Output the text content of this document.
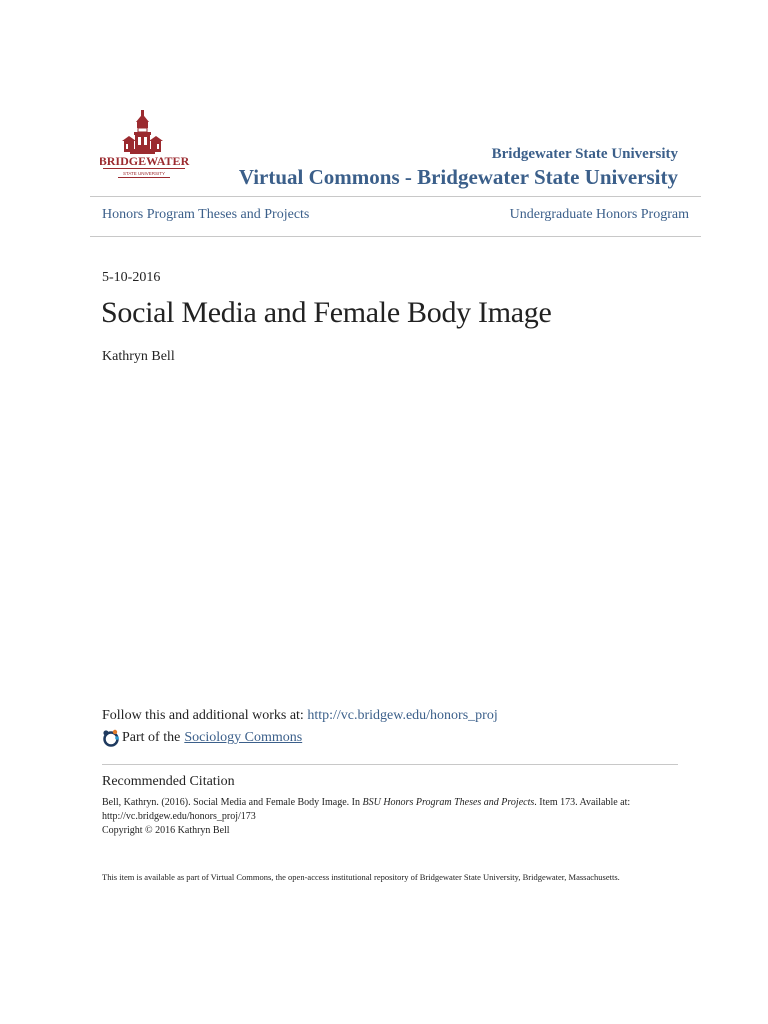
BRIDGEWATER
STATE UNIVERSITY
Bridgewater State University
Virtual Commons - Bridgewater State University
Honors Program Theses and Projects	Undergraduate Honors Program
5-10-2016
Social Media and Female Body Image
Kathryn Bell
Follow this and additional works at: http://vc.bridgew.edu/honors_proj
Part of the Sociology Commons
Recommended Citation
Bell, Kathryn. (2016). Social Media and Female Body Image. In BSU Honors Program Theses and Projects. Item 173. Available at:
http://vc.bridgew.edu/honors_proj/173
Copyright © 2016 Kathryn Bell
This item is available as part of Virtual Commons, the open-access institutional repository of Bridgewater State University, Bridgewater, Massachusetts.
